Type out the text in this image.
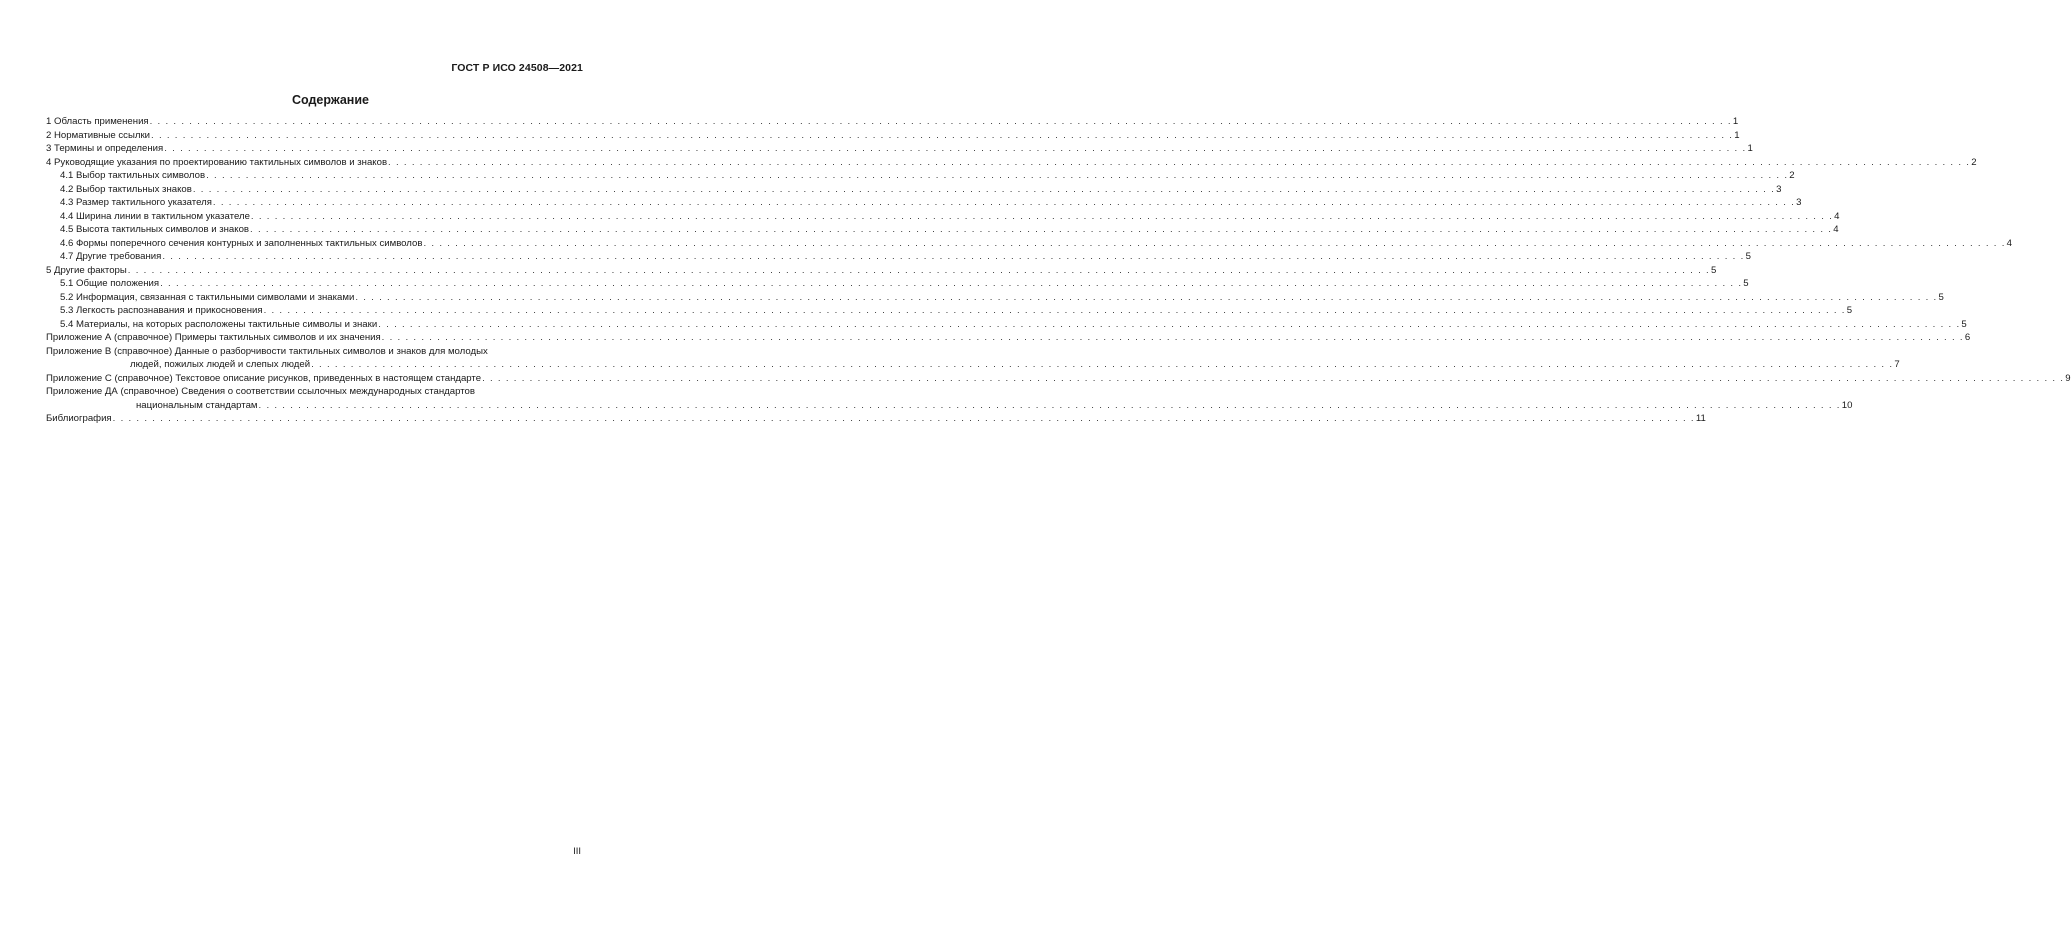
ГОСТ Р ИСО 24508—2021
Содержание
1 Область применения . . . . . . . . . . . . . . . . . . . . . . . . . . . . . . . . . . . . . . . . . . . . . . . . . . . . . . . . . . . . . . . . . . . . . . . . . . . . . . . . . . . . . . . . . . . . . . . . . . . . . . . . . . . . . . . . . . . . . . . . . . . . . . . . . . . . . . . . . . . . . . . . . . . . . . . . . . . . . . . . . . . . . . . . . . . . . . . . . . . . . . . . . . . . . . . . . . . . . . . . 1
2 Нормативные ссылки . . . . . . . . . . . . . . . . . . . . . . . . . . . . . . . . . . . . . . . . . . . . . . . . . . . . . . . . . . . . . . . . . . . . . . . . . . . . . . . . . . . . . . . . . . . . . . . . . . . . . . . . . . . . . . . . . . . . . . . . . . . . . . . . . . . . . . . . . . . . . . . . . . . . . . . . . . . . . . . . . . . . . . . . . . . . . . . . . . . . . . . . . . . . . . . . . . . . . . . . 1
3 Термины и определения . . . . . . . . . . . . . . . . . . . . . . . . . . . . . . . . . . . . . . . . . . . . . . . . . . . . . . . . . . . . . . . . . . . . . . . . . . . . . . . . . . . . . . . . . . . . . . . . . . . . . . . . . . . . . . . . . . . . . . . . . . . . . . . . . . . . . . . . . . . . . . . . . . . . . . . . . . . . . . . . . . . . . . . . . . . . . . . . . . . . . . . . . . . . . . . . . . . . . . . . 1
4 Руководящие указания по проектированию тактильных символов и знаков . . . . . . . . . . . . . . . . . . . . . . . . . . . . . . . . . . . . . . . . . . . . . . . . . . . . . . . . . . . . . . . . . . . . . . . . . . . . . . . . . . . . . . . . . . . . . . . . . . . . . . . . . . . . . . . . . . . . . . . . . . . . . . . . . . . . . . . . . . . . . . . . . . . . . . . . . . . . . . . . . . . . . . . . . . . . . . . . . . . . . . . . . . . . . . . . . . . . . . . . 2
4.1 Выбор тактильных символов . . . . . . . . . . . . . . . . . . . . . . . . . . . . . . . . . . . . . . . . . . . . . . . . . . . . . . . . . . . . . . . . . . . . . . . . . . . . . . . . . . . . . . . . . . . . . . . . . . . . . . . . . . . . . . . . . . . . . . . . . . . . . . . . . . . . . . . . . . . . . . . . . . . . . . . . . . . . . . . . . . . . . . . . . . . . . . . . . . . . . . . . . . . . . . . . . . . . . . . . 2
4.2 Выбор тактильных знаков . . . . . . . . . . . . . . . . . . . . . . . . . . . . . . . . . . . . . . . . . . . . . . . . . . . . . . . . . . . . . . . . . . . . . . . . . . . . . . . . . . . . . . . . . . . . . . . . . . . . . . . . . . . . . . . . . . . . . . . . . . . . . . . . . . . . . . . . . . . . . . . . . . . . . . . . . . . . . . . . . . . . . . . . . . . . . . . . . . . . . . . . . . . . . . . . . . . . . . . . 3
4.3 Размер тактильного указателя . . . . . . . . . . . . . . . . . . . . . . . . . . . . . . . . . . . . . . . . . . . . . . . . . . . . . . . . . . . . . . . . . . . . . . . . . . . . . . . . . . . . . . . . . . . . . . . . . . . . . . . . . . . . . . . . . . . . . . . . . . . . . . . . . . . . . . . . . . . . . . . . . . . . . . . . . . . . . . . . . . . . . . . . . . . . . . . . . . . . . . . . . . . . . . . . . . . . . . . . 3
4.4 Ширина линии в тактильном указателе . . . . . . . . . . . . . . . . . . . . . . . . . . . . . . . . . . . . . . . . . . . . . . . . . . . . . . . . . . . . . . . . . . . . . . . . . . . . . . . . . . . . . . . . . . . . . . . . . . . . . . . . . . . . . . . . . . . . . . . . . . . . . . . . . . . . . . . . . . . . . . . . . . . . . . . . . . . . . . . . . . . . . . . . . . . . . . . . . . . . . . . . . . . . . . . . . . . . . . . . 4
4.5 Высота тактильных символов и знаков . . . . . . . . . . . . . . . . . . . . . . . . . . . . . . . . . . . . . . . . . . . . . . . . . . . . . . . . . . . . . . . . . . . . . . . . . . . . . . . . . . . . . . . . . . . . . . . . . . . . . . . . . . . . . . . . . . . . . . . . . . . . . . . . . . . . . . . . . . . . . . . . . . . . . . . . . . . . . . . . . . . . . . . . . . . . . . . . . . . . . . . . . . . . . . . . . . . . . . . . 4
4.6 Формы поперечного сечения контурных и заполненных тактильных символов . . . . . . . . . . . . . . . . . . . . . . . . . . . . . . . . . . . . . . . . . . . . . . . . . . . . . . . . . . . . . . . . . . . . . . . . . . . . . . . . . . . . . . . . . . . . . . . . . . . . . . . . . . . . . . . . . . . . . . . . . . . . . . . . . . . . . . . . . . . . . . . . . . . . . . . . . . . . . . . . . . . . . . . . . . . . . . . . . . . . . . . . . . . . . . . . . . . . . . . . 4
4.7 Другие требования . . . . . . . . . . . . . . . . . . . . . . . . . . . . . . . . . . . . . . . . . . . . . . . . . . . . . . . . . . . . . . . . . . . . . . . . . . . . . . . . . . . . . . . . . . . . . . . . . . . . . . . . . . . . . . . . . . . . . . . . . . . . . . . . . . . . . . . . . . . . . . . . . . . . . . . . . . . . . . . . . . . . . . . . . . . . . . . . . . . . . . . . . . . . . . . . . . . . . . . . 5
5 Другие факторы . . . . . . . . . . . . . . . . . . . . . . . . . . . . . . . . . . . . . . . . . . . . . . . . . . . . . . . . . . . . . . . . . . . . . . . . . . . . . . . . . . . . . . . . . . . . . . . . . . . . . . . . . . . . . . . . . . . . . . . . . . . . . . . . . . . . . . . . . . . . . . . . . . . . . . . . . . . . . . . . . . . . . . . . . . . . . . . . . . . . . . . . . . . . . . . . . . . . . . . . 5
5.1 Общие положения . . . . . . . . . . . . . . . . . . . . . . . . . . . . . . . . . . . . . . . . . . . . . . . . . . . . . . . . . . . . . . . . . . . . . . . . . . . . . . . . . . . . . . . . . . . . . . . . . . . . . . . . . . . . . . . . . . . . . . . . . . . . . . . . . . . . . . . . . . . . . . . . . . . . . . . . . . . . . . . . . . . . . . . . . . . . . . . . . . . . . . . . . . . . . . . . . . . . . . . . 5
5.2 Информация, связанная с тактильными символами и знаками . . . . . . . . . . . . . . . . . . . . . . . . . . . . . . . . . . . . . . . . . . . . . . . . . . . . . . . . . . . . . . . . . . . . . . . . . . . . . . . . . . . . . . . . . . . . . . . . . . . . . . . . . . . . . . . . . . . . . . . . . . . . . . . . . . . . . . . . . . . . . . . . . . . . . . . . . . . . . . . . . . . . . . . . . . . . . . . . . . . . . . . . . . . . . . . . . . . . . . . . 5
5.3 Легкость распознавания и прикосновения . . . . . . . . . . . . . . . . . . . . . . . . . . . . . . . . . . . . . . . . . . . . . . . . . . . . . . . . . . . . . . . . . . . . . . . . . . . . . . . . . . . . . . . . . . . . . . . . . . . . . . . . . . . . . . . . . . . . . . . . . . . . . . . . . . . . . . . . . . . . . . . . . . . . . . . . . . . . . . . . . . . . . . . . . . . . . . . . . . . . . . . . . . . . . . . . . . . . . . . . 5
5.4 Материалы, на которых расположены тактильные символы и знаки . . . . . . . . . . . . . . . . . . . . . . . . . . . . . . . . . . . . . . . . . . . . . . . . . . . . . . . . . . . . . . . . . . . . . . . . . . . . . . . . . . . . . . . . . . . . . . . . . . . . . . . . . . . . . . . . . . . . . . . . . . . . . . . . . . . . . . . . . . . . . . . . . . . . . . . . . . . . . . . . . . . . . . . . . . . . . . . . . . . . . . . . . . . . . . . . . . . . . . . . 5
Приложение А (справочное) Примеры тактильных символов и их значения . . . . . . . . . . . . . . . . . . . . . . . . . . . . . . . . . . . . . . . . . . . . . . . . . . . . . . . . . . . . . . . . . . . . . . . . . . . . . . . . . . . . . . . . . . . . . . . . . . . . . . . . . . . . . . . . . . . . . . . . . . . . . . . . . . . . . . . . . . . . . . . . . . . . . . . . . . . . . . . . . . . . . . . . . . . . . . . . . . . . . . . . . . . . . . . . . . . . . . . . 6
Приложение В (справочное) Данные о разборчивости тактильных символов и знаков для молодых
людей, пожилых людей и слепых людей . . . . . . . . . . . . . . . . . . . . . . . . . . . . . . . . . . . . . . . . . . . . . . . . . . . . . . . . . . . . . . . . . . . . . . . . . . . . . . . . . . . . . . . . . . . . . . . . . . . . . . . . . . . . . . . . . . . . . . . . . . . . . . . . . . . . . . . . . . . . . . . . . . . . . . . . . . . . . . . . . . . . . . . . . . . . . . . . . . . . . . . . . . . . . . . . . . . . . . . . 7
Приложение С (справочное) Текстовое описание рисунков, приведенных в настоящем стандарте . . . . . . . . . . . . . . . . . . . . . . . . . . . . . . . . . . . . . . . . . . . . . . . . . . . . . . . . . . . . . . . . . . . . . . . . . . . . . . . . . . . . . . . . . . . . . . . . . . . . . . . . . . . . . . . . . . . . . . . . . . . . . . . . . . . . . . . . . . . . . . . . . . . . . . . . . . . . . . . . . . . . . . . . . . . . . . . . . . . . . . . . . . . . . . . . . . . . . . . . 9
Приложение ДА (справочное) Сведения о соответствии ссылочных международных стандартов
национальным стандартам . . . . . . . . . . . . . . . . . . . . . . . . . . . . . . . . . . . . . . . . . . . . . . . . . . . . . . . . . . . . . . . . . . . . . . . . . . . . . . . . . . . . . . . . . . . . . . . . . . . . . . . . . . . . . . . . . . . . . . . . . . . . . . . . . . . . . . . . . . . . . . . . . . . . . . . . . . . . . . . . . . . . . . . . . . . . . . . . . . . . . . . . . . . . . . . . . . . . . . . . 10
Библиография . . . . . . . . . . . . . . . . . . . . . . . . . . . . . . . . . . . . . . . . . . . . . . . . . . . . . . . . . . . . . . . . . . . . . . . . . . . . . . . . . . . . . . . . . . . . . . . . . . . . . . . . . . . . . . . . . . . . . . . . . . . . . . . . . . . . . . . . . . . . . . . . . . . . . . . . . . . . . . . . . . . . . . . . . . . . . . . . . . . . . . . . . . . . . . . . . . . . . . . . 11
III
